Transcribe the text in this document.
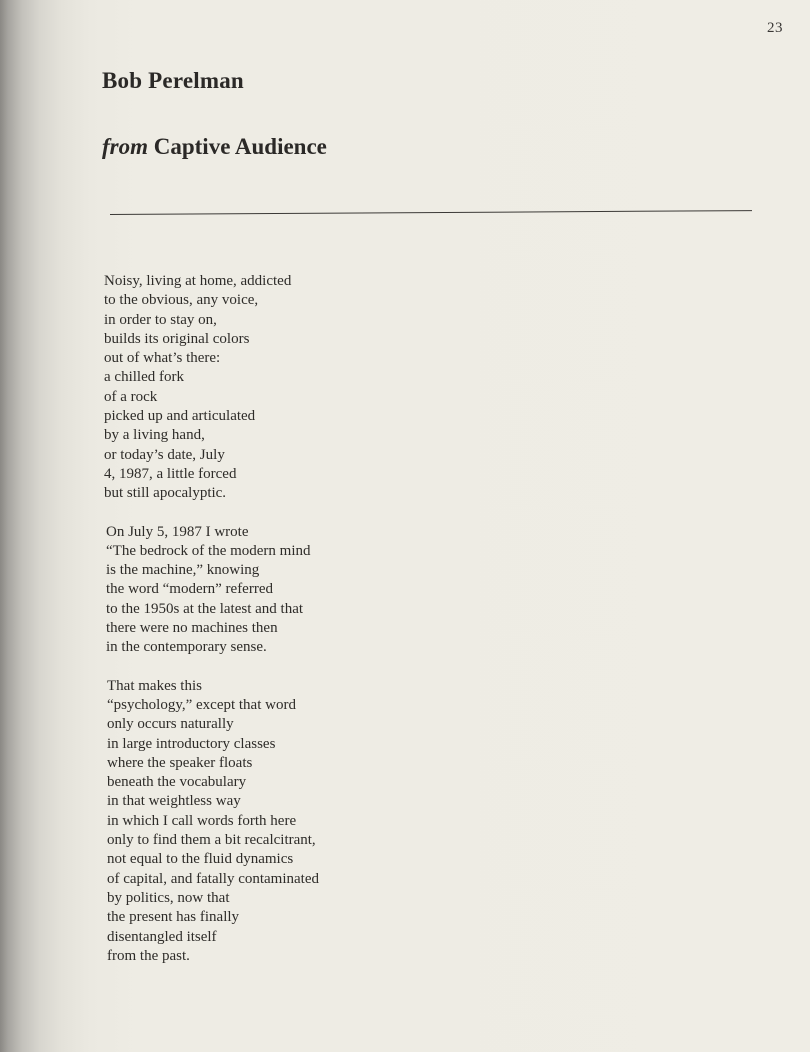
23
Bob Perelman
from Captive Audience
Noisy, living at home, addicted
to the obvious, any voice,
in order to stay on,
builds its original colors
out of what’s there:
a chilled fork
of a rock
picked up and articulated
by a living hand,
or today’s date, July
4, 1987, a little forced
but still apocalyptic.
On July 5, 1987 I wrote
“The bedrock of the modern mind
is the machine,” knowing
the word “modern” referred
to the 1950s at the latest and that
there were no machines then
in the contemporary sense.
That makes this
“psychology,” except that word
only occurs naturally
in large introductory classes
where the speaker floats
beneath the vocabulary
in that weightless way
in which I call words forth here
only to find them a bit recalcitrant,
not equal to the fluid dynamics
of capital, and fatally contaminated
by politics, now that
the present has finally
disentangled itself
from the past.
